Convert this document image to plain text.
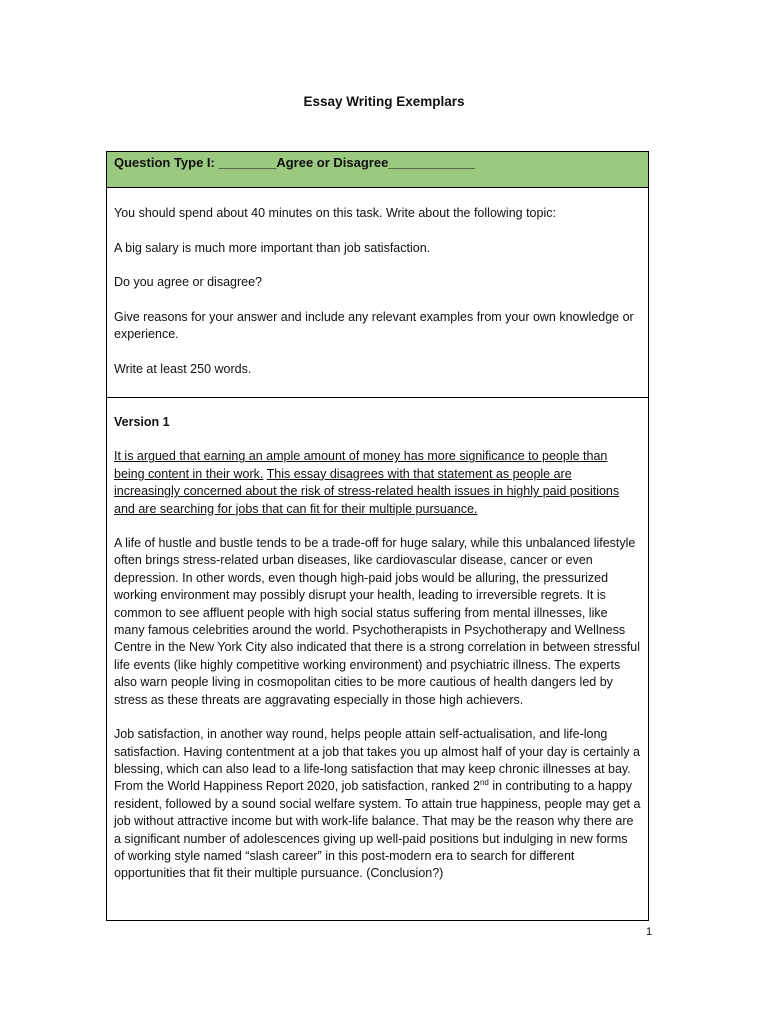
Essay Writing Exemplars
Question Type I: ________Agree or Disagree____________

You should spend about 40 minutes on this task. Write about the following topic:

A big salary is much more important than job satisfaction.

Do you agree or disagree?

Give reasons for your answer and include any relevant examples from your own knowledge or experience.

Write at least 250 words.

Version 1

It is argued that earning an ample amount of money has more significance to people than being content in their work. This essay disagrees with that statement as people are increasingly concerned about the risk of stress-related health issues in highly paid positions and are searching for jobs that can fit for their multiple pursuance.

A life of hustle and bustle tends to be a trade-off for huge salary, while this unbalanced lifestyle often brings stress-related urban diseases, like cardiovascular disease, cancer or even depression. In other words, even though high-paid jobs would be alluring, the pressurized working environment may possibly disrupt your health, leading to irreversible regrets. It is common to see affluent people with high social status suffering from mental illnesses, like many famous celebrities around the world. Psychotherapists in Psychotherapy and Wellness Centre in the New York City also indicated that there is a strong correlation in between stressful life events (like highly competitive working environment) and psychiatric illness. The experts also warn people living in cosmopolitan cities to be more cautious of health dangers led by stress as these threats are aggravating especially in those high achievers.

Job satisfaction, in another way round, helps people attain self-actualisation, and life-long satisfaction. Having contentment at a job that takes you up almost half of your day is certainly a blessing, which can also lead to a life-long satisfaction that may keep chronic illnesses at bay. From the World Happiness Report 2020, job satisfaction, ranked 2nd in contributing to a happy resident, followed by a sound social welfare system. To attain true happiness, people may get a job without attractive income but with work-life balance. That may be the reason why there are a significant number of adolescences giving up well-paid positions but indulging in new forms of working style named “slash career” in this post-modern era to search for different opportunities that fit their multiple pursuance. (Conclusion?)

1
